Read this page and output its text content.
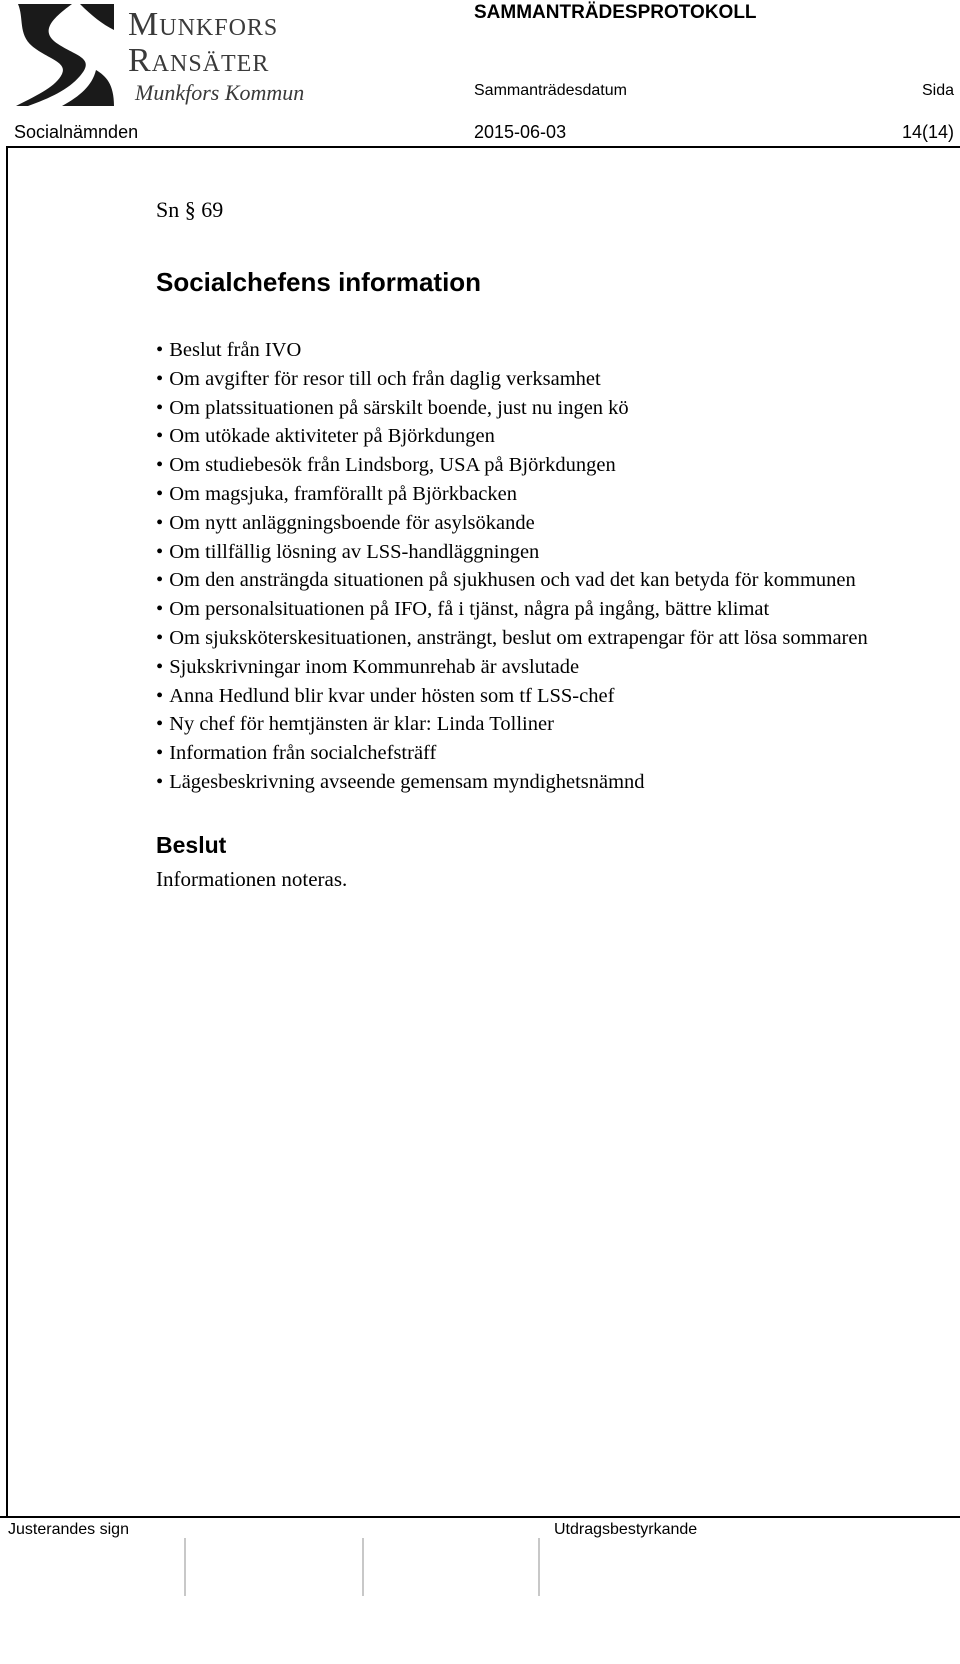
Munkfors
Ransäter
Munkfors Kommun
SAMMANTRÄDESPROTOKOLL
Sammanträdesdatum	Sida
Socialnämnden	2015-06-03	14(14)

Sn § 69

Socialchefens information
• Beslut från IVO
• Om avgifter för resor till och från daglig verksamhet
• Om platssituationen på särskilt boende, just nu ingen kö
• Om utökade aktiviteter på Björkdungen
• Om studiebesök från Lindsborg, USA på Björkdungen
• Om magsjuka, framförallt på Björkbacken
• Om nytt anläggningsboende för asylsökande
• Om tillfällig lösning av LSS-handläggningen
• Om den ansträngda situationen på sjukhusen och vad det kan betyda för kommunen
• Om personalsituationen på IFO, få i tjänst, några på ingång, bättre klimat
• Om sjuksköterskesituationen, ansträngt, beslut om extrapengar för att lösa sommaren
• Sjukskrivningar inom Kommunrehab är avslutade
• Anna Hedlund blir kvar under hösten som tf LSS-chef
• Ny chef för hemtjänsten är klar: Linda Tolliner
• Information från socialchefsträff
• Lägesbeskrivning avseende gemensam myndighetsnämnd
Beslut

Informationen noteras.

Justerandes sign	Utdragsbestyrkande
